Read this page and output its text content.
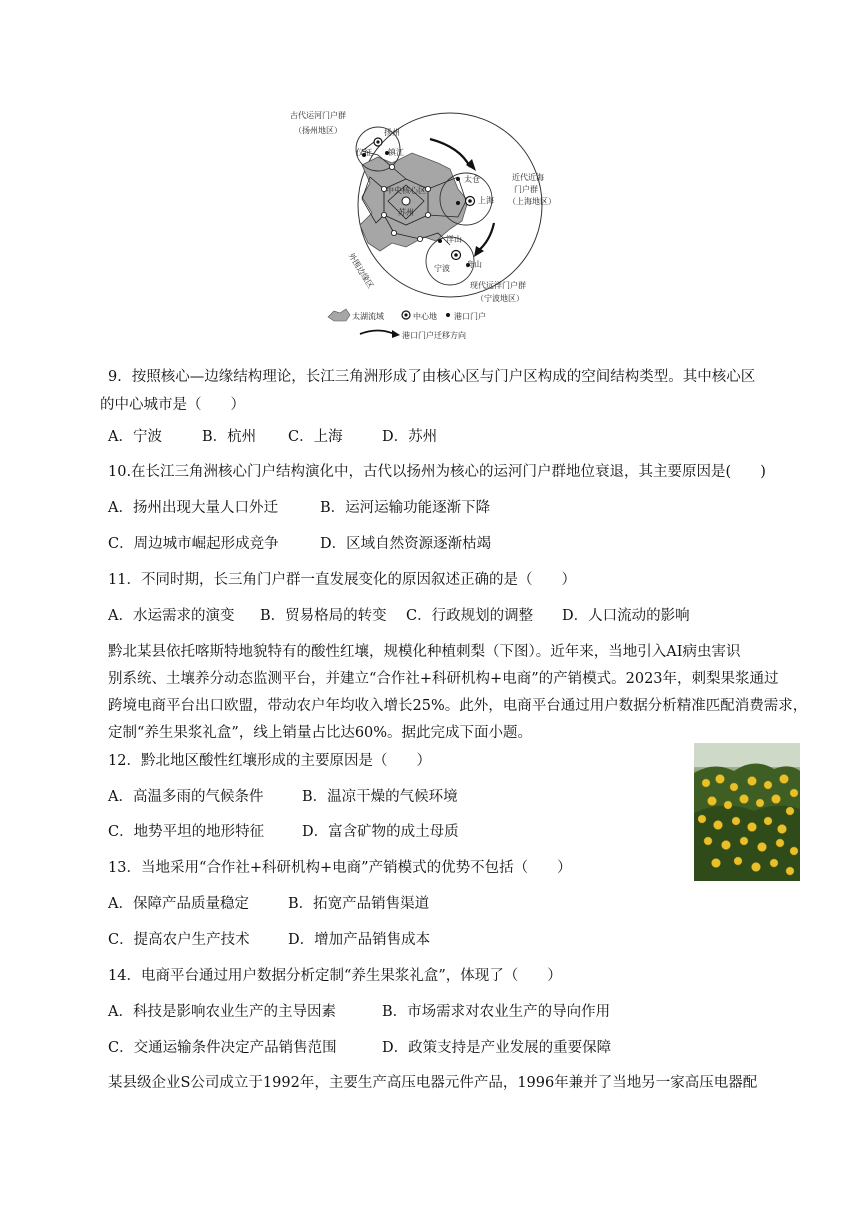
古代运河门户群
（扬州地区）	扬州
仪征 镇江
中央核心区
苏州
太仓
上海
近代近海
门户群
（上海地区）
外围边缘区
洋山
宁波 舟山
现代远洋门户群
（宁波地区）
太湖流域	中心地 港口门户
港口门户迁移方向
9．按照核心—边缘结构理论，长江三角洲形成了由核心区与门户区构成的空间结构类型。其中核心区
的中心城市是（　　）
A．宁波	B．杭州 C．上海	D．苏州
10.在长江三角洲核心门户结构演化中，古代以扬州为核心的运河门户群地位衰退，其主要原因是(　　)
A．扬州出现大量人口外迁	B．运河运输功能逐渐下降
C．周边城市崛起形成竞争	D．区域自然资源逐渐枯竭
11．不同时期，长三角门户群一直发展变化的原因叙述正确的是（　　）
A．水运需求的演变 B．贸易格局的转变 C．行政规划的调整 D．人口流动的影响
黔北某县依托喀斯特地貌特有的酸性红壤，规模化种植刺梨（下图）。近年来，当地引入AI病虫害识
别系统、土壤养分动态监测平台，并建立“合作社+科研机构+电商”的产销模式。2023年，刺梨果浆通过
跨境电商平台出口欧盟，带动农户年均收入增长25%。此外，电商平台通过用户数据分析精准匹配消费需求，
定制“养生果浆礼盒”，线上销量占比达60%。据此完成下面小题。
12．黔北地区酸性红壤形成的主要原因是（　　）
A．高温多雨的气候条件	B．温凉干燥的气候环境
C．地势平坦的地形特征	D．富含矿物的成土母质
13．当地采用“合作社+科研机构+电商”产销模式的优势不包括（　　）
A．保障产品质量稳定	B．拓宽产品销售渠道
C．提高农户生产技术	D．增加产品销售成本
14．电商平台通过用户数据分析定制“养生果浆礼盒”，体现了（　　）
A．科技是影响农业生产的主导因素	B．市场需求对农业生产的导向作用
C．交通运输条件决定产品销售范围	D．政策支持是产业发展的重要保障
某县级企业S公司成立于1992年，主要生产高压电器元件产品，1996年兼并了当地另一家高压电器配
